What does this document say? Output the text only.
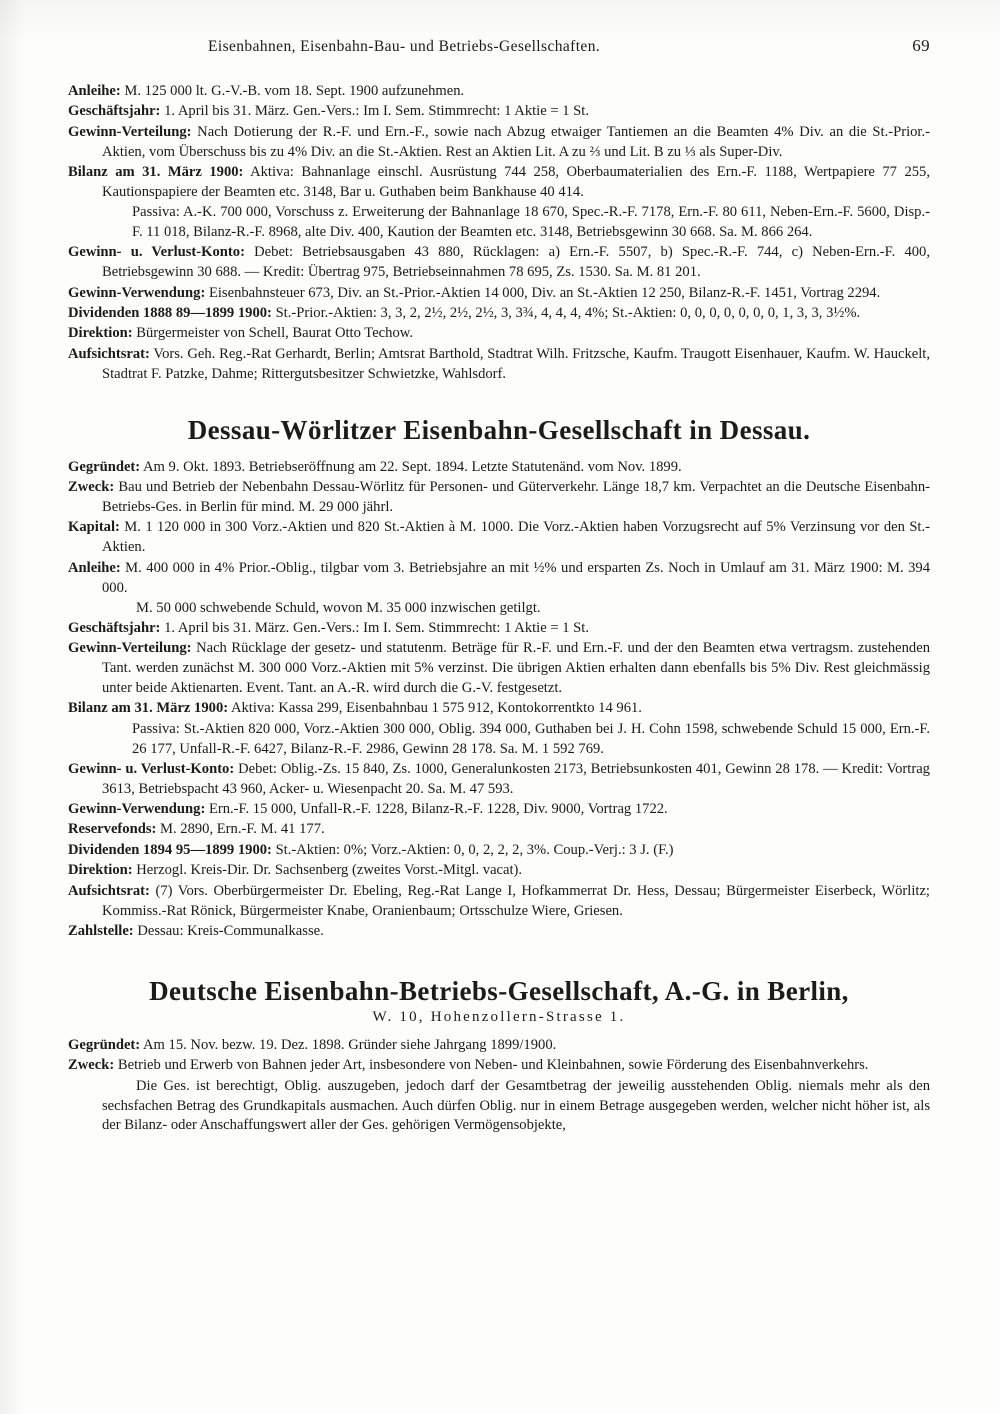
Eisenbahnen, Eisenbahn-Bau- und Betriebs-Gesellschaften.	69

Anleihe: M. 125 000 lt. G.-V.-B. vom 18. Sept. 1900 aufzunehmen.

Geschäftsjahr: 1. April bis 31. März. Gen.-Vers.: Im I. Sem. Stimmrecht: 1 Aktie = 1 St.

Gewinn-Verteilung: Nach Dotierung der R.-F. und Ern.-F., sowie nach Abzug etwaiger Tantiemen an die Beamten 4% Div. an die St.-Prior.-Aktien, vom Überschuss bis zu 4% Div. an die St.-Aktien. Rest an Aktien Lit. A zu ⅔ und Lit. B zu ⅓ als Super-Div.

Bilanz am 31. März 1900: Aktiva: Bahnanlage einschl. Ausrüstung 744 258, Oberbaumaterialien des Ern.-F. 1188, Wertpapiere 77 255, Kautionspapiere der Beamten etc. 3148, Bar u. Guthaben beim Bankhause 40 414.

Passiva: A.-K. 700 000, Vorschuss z. Erweiterung der Bahnanlage 18 670, Spec.-R.-F. 7178, Ern.-F. 80 611, Neben-Ern.-F. 5600, Disp.-F. 11 018, Bilanz-R.-F. 8968, alte Div. 400, Kaution der Beamten etc. 3148, Betriebsgewinn 30 668. Sa. M. 866 264.

Gewinn- u. Verlust-Konto: Debet: Betriebsausgaben 43 880, Rücklagen: a) Ern.-F. 5507, b) Spec.-R.-F. 744, c) Neben-Ern.-F. 400, Betriebsgewinn 30 688. — Kredit: Übertrag 975, Betriebseinnahmen 78 695, Zs. 1530. Sa. M. 81 201.

Gewinn-Verwendung: Eisenbahnsteuer 673, Div. an St.-Prior.-Aktien 14 000, Div. an St.-Aktien 12 250, Bilanz-R.-F. 1451, Vortrag 2294.

Dividenden 1888 89—1899 1900: St.-Prior.-Aktien: 3, 3, 2, 2½, 2½, 2½, 3, 3¾, 4, 4, 4, 4%; St.-Aktien: 0, 0, 0, 0, 0, 0, 0, 1, 3, 3, 3½%.

Direktion: Bürgermeister von Schell, Baurat Otto Techow.

Aufsichtsrat: Vors. Geh. Reg.-Rat Gerhardt, Berlin; Amtsrat Barthold, Stadtrat Wilh. Fritzsche, Kaufm. Traugott Eisenhauer, Kaufm. W. Hauckelt, Stadtrat F. Patzke, Dahme; Rittergutsbesitzer Schwietzke, Wahlsdorf.

Dessau-Wörlitzer Eisenbahn-Gesellschaft in Dessau.

Gegründet: Am 9. Okt. 1893. Betriebseröffnung am 22. Sept. 1894. Letzte Statutenänd. vom Nov. 1899.

Zweck: Bau und Betrieb der Nebenbahn Dessau-Wörlitz für Personen- und Güterverkehr. Länge 18,7 km. Verpachtet an die Deutsche Eisenbahn-Betriebs-Ges. in Berlin für mind. M. 29 000 jährl.

Kapital: M. 1 120 000 in 300 Vorz.-Aktien und 820 St.-Aktien à M. 1000. Die Vorz.-Aktien haben Vorzugsrecht auf 5% Verzinsung vor den St.-Aktien.

Anleihe: M. 400 000 in 4% Prior.-Oblig., tilgbar vom 3. Betriebsjahre an mit ½% und ersparten Zs. Noch in Umlauf am 31. März 1900: M. 394 000.

M. 50 000 schwebende Schuld, wovon M. 35 000 inzwischen getilgt.

Geschäftsjahr: 1. April bis 31. März. Gen.-Vers.: Im I. Sem. Stimmrecht: 1 Aktie = 1 St.

Gewinn-Verteilung: Nach Rücklage der gesetz- und statutenm. Beträge für R.-F. und Ern.-F. und der den Beamten etwa vertragsm. zustehenden Tant. werden zunächst M. 300 000 Vorz.-Aktien mit 5% verzinst. Die übrigen Aktien erhalten dann ebenfalls bis 5% Div. Rest gleichmässig unter beide Aktienarten. Event. Tant. an A.-R. wird durch die G.-V. festgesetzt.

Bilanz am 31. März 1900: Aktiva: Kassa 299, Eisenbahnbau 1 575 912, Kontokorrentkto 14 961.

Passiva: St.-Aktien 820 000, Vorz.-Aktien 300 000, Oblig. 394 000, Guthaben bei J. H. Cohn 1598, schwebende Schuld 15 000, Ern.-F. 26 177, Unfall-R.-F. 6427, Bilanz-R.-F. 2986, Gewinn 28 178. Sa. M. 1 592 769.

Gewinn- u. Verlust-Konto: Debet: Oblig.-Zs. 15 840, Zs. 1000, Generalunkosten 2173, Betriebsunkosten 401, Gewinn 28 178. — Kredit: Vortrag 3613, Betriebspacht 43 960, Acker- u. Wiesenpacht 20. Sa. M. 47 593.

Gewinn-Verwendung: Ern.-F. 15 000, Unfall-R.-F. 1228, Bilanz-R.-F. 1228, Div. 9000, Vortrag 1722.

Reservefonds: M. 2890, Ern.-F. M. 41 177.

Dividenden 1894 95—1899 1900: St.-Aktien: 0%; Vorz.-Aktien: 0, 0, 2, 2, 2, 3%. Coup.-Verj.: 3 J. (F.)

Direktion: Herzogl. Kreis-Dir. Dr. Sachsenberg (zweites Vorst.-Mitgl. vacat).

Aufsichtsrat: (7) Vors. Oberbürgermeister Dr. Ebeling, Reg.-Rat Lange I, Hofkammerrat Dr. Hess, Dessau; Bürgermeister Eiserbeck, Wörlitz; Kommiss.-Rat Rönick, Bürgermeister Knabe, Oranienbaum; Ortsschulze Wiere, Griesen.

Zahlstelle: Dessau: Kreis-Communalkasse.

Deutsche Eisenbahn-Betriebs-Gesellschaft, A.-G. in Berlin,
W. 10, Hohenzollern-Strasse 1.

Gegründet: Am 15. Nov. bezw. 19. Dez. 1898. Gründer siehe Jahrgang 1899/1900.

Zweck: Betrieb und Erwerb von Bahnen jeder Art, insbesondere von Neben- und Kleinbahnen, sowie Förderung des Eisenbahnverkehrs.

Die Ges. ist berechtigt, Oblig. auszugeben, jedoch darf der Gesamtbetrag der jeweilig ausstehenden Oblig. niemals mehr als den sechsfachen Betrag des Grundkapitals ausmachen. Auch dürfen Oblig. nur in einem Betrage ausgegeben werden, welcher nicht höher ist, als der Bilanz- oder Anschaffungswert aller der Ges. gehörigen Vermögensobjekte,
